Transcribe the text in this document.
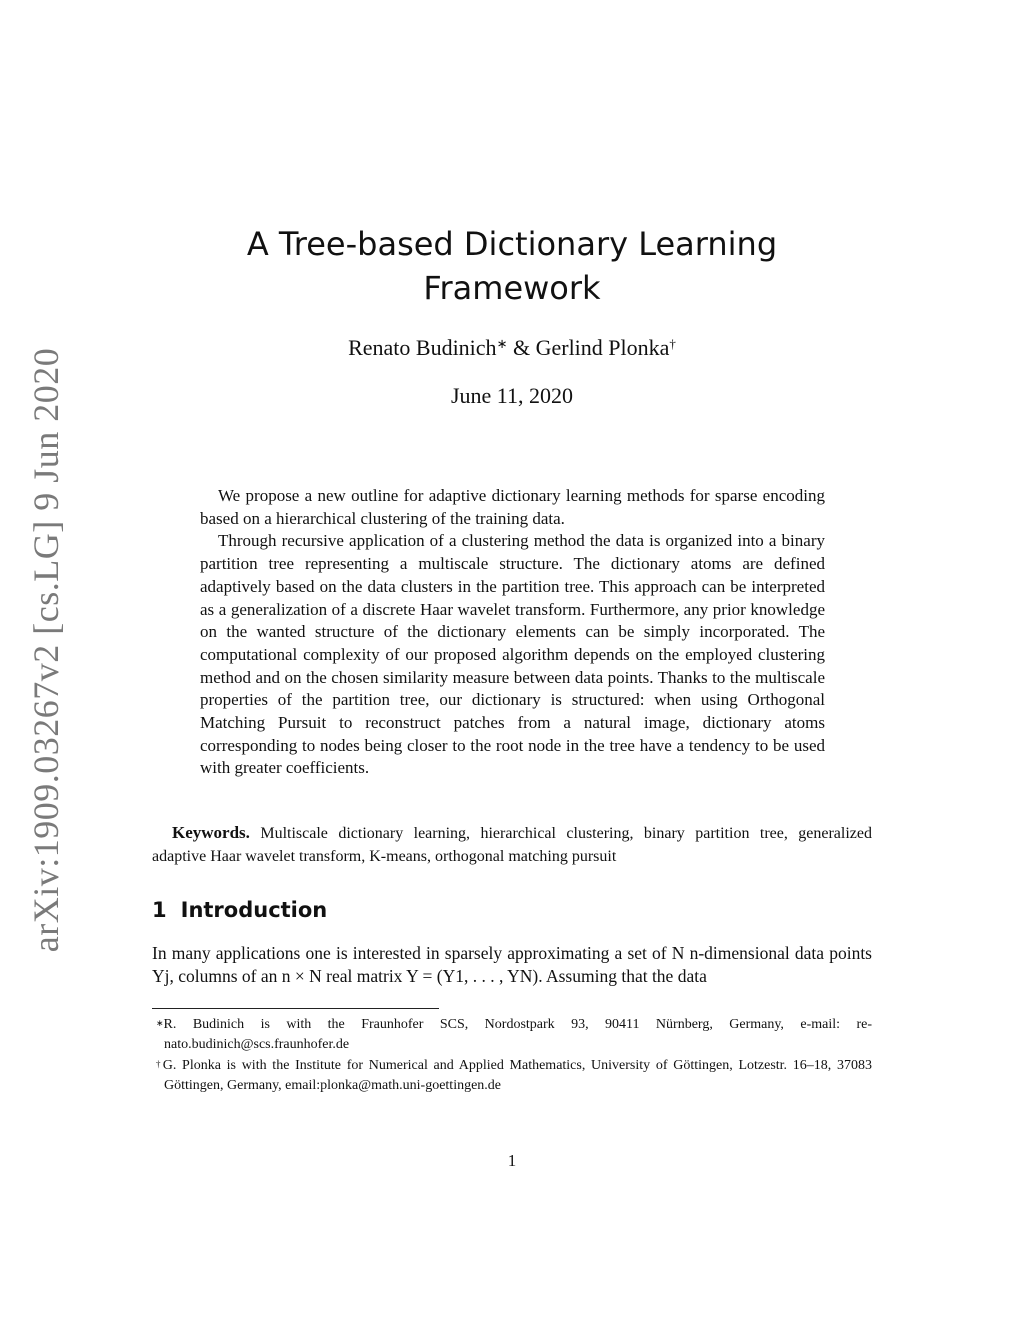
arXiv:1909.03267v2 [cs.LG] 9 Jun 2020
A Tree-based Dictionary Learning
Framework
Renato Budinich∗ & Gerlind Plonka†
June 11, 2020

We propose a new outline for adaptive dictionary learning methods for sparse encoding based on a hierarchical clustering of the training data.

Through recursive application of a clustering method the data is organized into a binary partition tree representing a multiscale structure. The dictionary atoms are defined adaptively based on the data clusters in the partition tree. This approach can be interpreted as a generalization of a discrete Haar wavelet transform. Furthermore, any prior knowledge on the wanted structure of the dictionary elements can be simply incorporated. The computational complexity of our proposed algorithm depends on the employed clustering method and on the chosen similarity measure between data points. Thanks to the multiscale properties of the partition tree, our dictionary is structured: when using Orthogonal Matching Pursuit to reconstruct patches from a natural image, dictionary atoms corresponding to nodes being closer to the root node in the tree have a tendency to be used with greater coefficients.

Keywords. Multiscale dictionary learning, hierarchical clustering, binary partition tree, generalized adaptive Haar wavelet transform, K-means, orthogonal matching pursuit
1 Introduction

In many applications one is interested in sparsely approximating a set of N n-dimensional data points Yj, columns of an n × N real matrix Y = (Y1, . . . , YN). Assuming that the data

∗R. Budinich is with the Fraunhofer SCS, Nordostpark 93, 90411 Nürnberg, Germany, e-mail: renato.budinich@scs.fraunhofer.de

†G. Plonka is with the Institute for Numerical and Applied Mathematics, University of Göttingen, Lotzestr. 16–18, 37083 Göttingen, Germany, email:plonka@math.uni-goettingen.de

1
